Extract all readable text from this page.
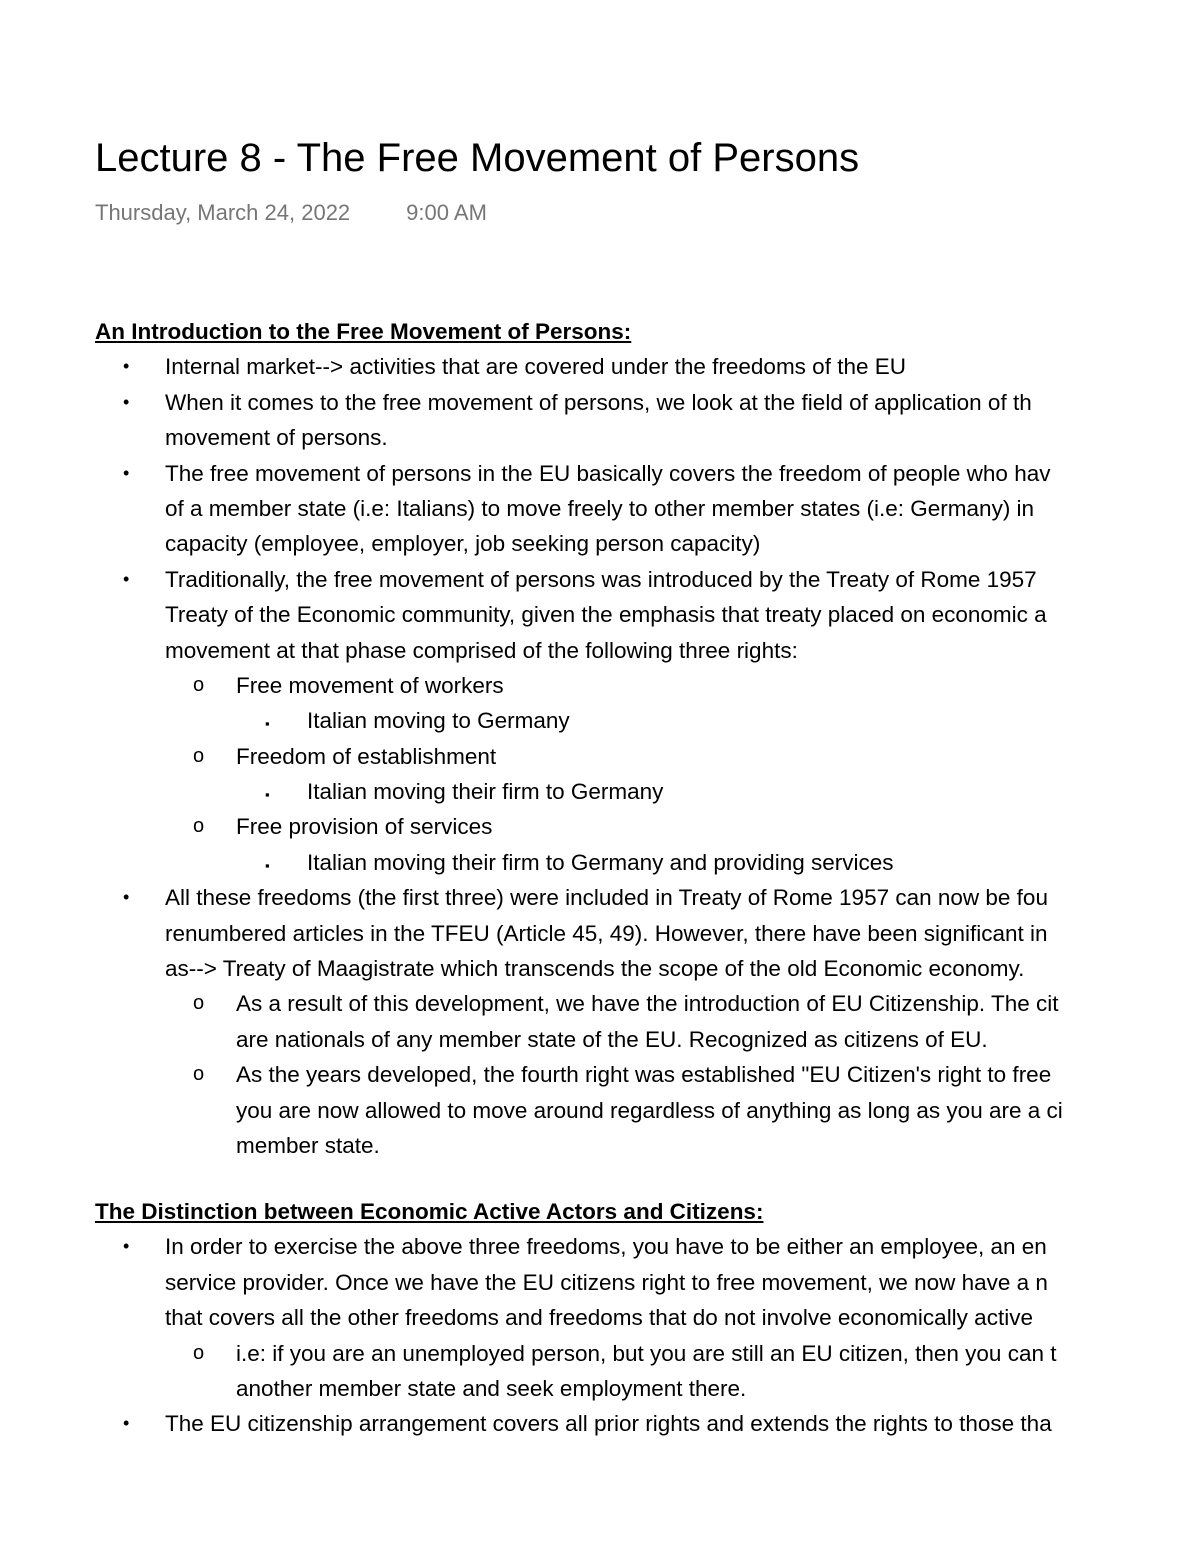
Lecture 8 - The Free Movement of Persons
Thursday, March 24, 2022	9:00 AM
An Introduction to the Free Movement of Persons:
• Internal market--> activities that are covered under the freedoms of the EU
• When it comes to the free movement of persons, we look at the field of application of th
movement of persons.
• The free movement of persons in the EU basically covers the freedom of people who hav
of a member state (i.e: Italians) to move freely to other member states (i.e: Germany) in
capacity (employee, employer, job seeking person capacity)
• Traditionally, the free movement of persons was introduced by the Treaty of Rome 1957
Treaty of the Economic community, given the emphasis that treaty placed on economic a
movement at that phase comprised of the following three rights:
o Free movement of workers
▪ Italian moving to Germany
o Freedom of establishment
▪ Italian moving their firm to Germany
o Free provision of services
▪ Italian moving their firm to Germany and providing services
• All these freedoms (the first three) were included in Treaty of Rome 1957 can now be fou
renumbered articles in the TFEU (Article 45, 49). However, there have been significant in
as--> Treaty of Maagistrate which transcends the scope of the old Economic economy.
o As a result of this development, we have the introduction of EU Citizenship. The cit
are nationals of any member state of the EU. Recognized as citizens of EU.
o As the years developed, the fourth right was established "EU Citizen's right to free
you are now allowed to move around regardless of anything as long as you are a ci
member state.
The Distinction between Economic Active Actors and Citizens:
• In order to exercise the above three freedoms, you have to be either an employee, an en
service provider. Once we have the EU citizens right to free movement, we now have a n
that covers all the other freedoms and freedoms that do not involve economically active
o i.e: if you are an unemployed person, but you are still an EU citizen, then you can t
another member state and seek employment there.
• The EU citizenship arrangement covers all prior rights and extends the rights to those tha
